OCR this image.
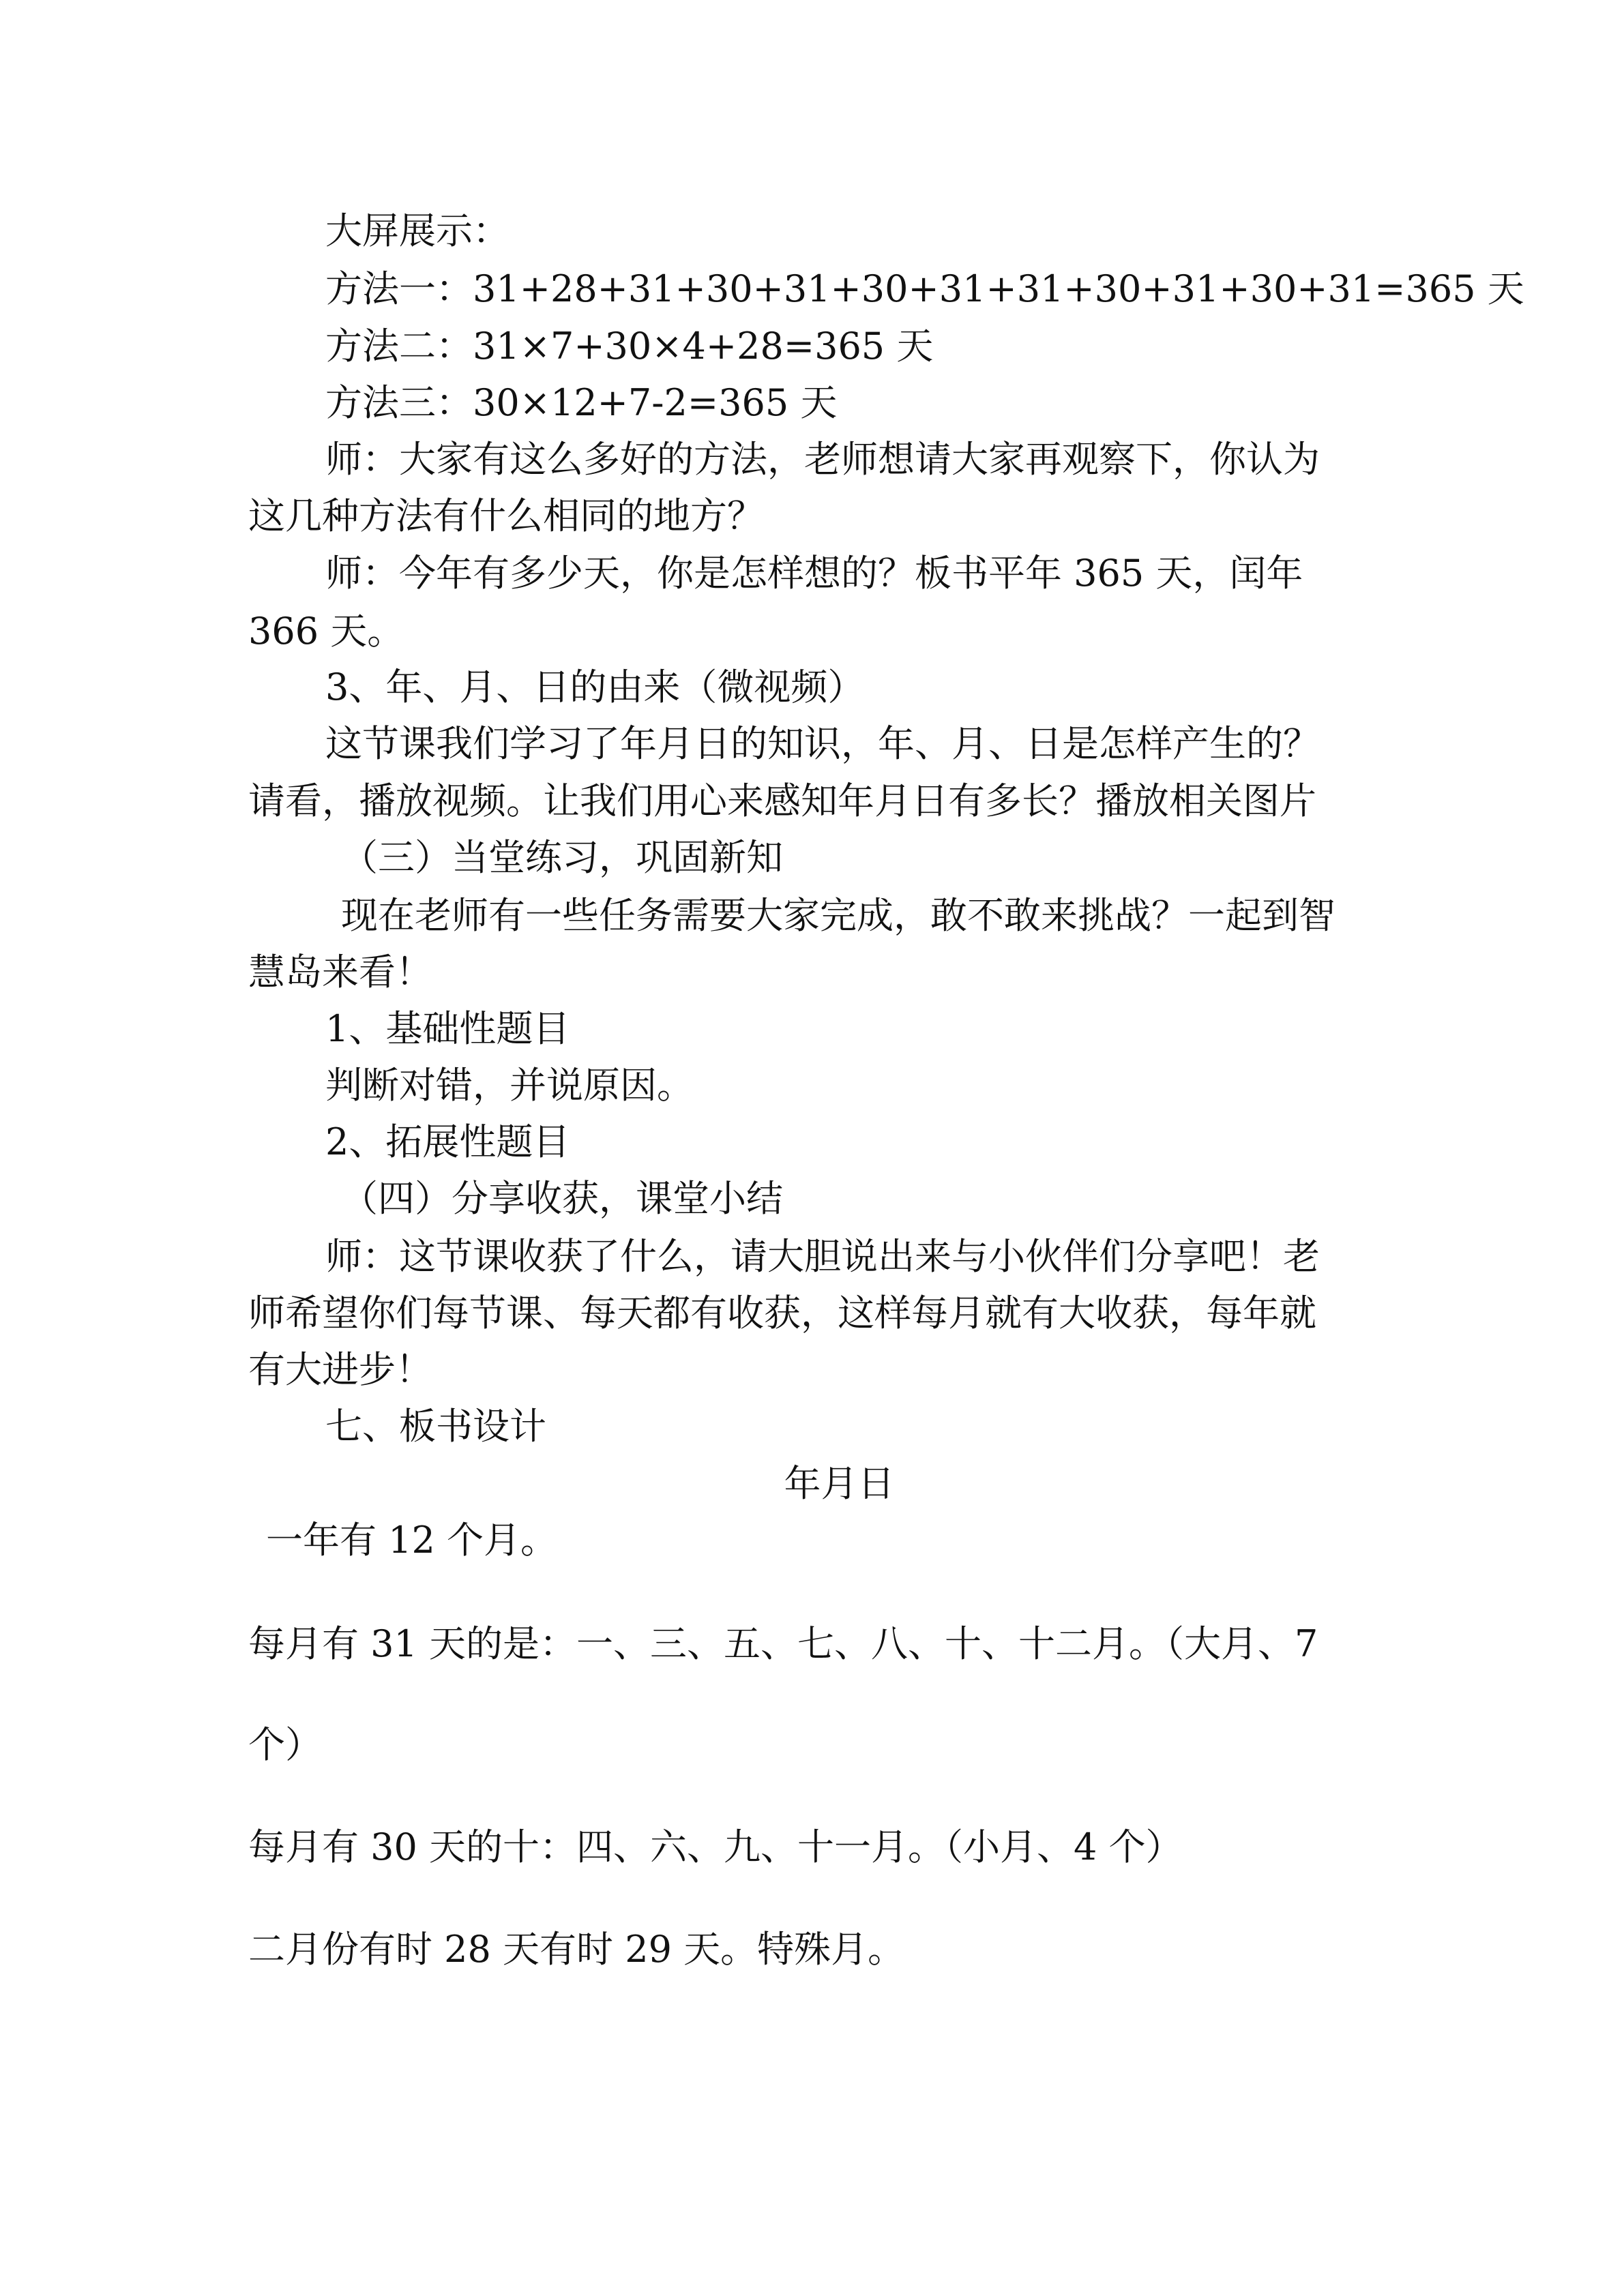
大屏展示：
方法一：31+28+31+30+31+30+31+31+30+31+30+31=365 天
方法二：31×7+30×4+28=365 天
方法三：30×12+7-2=365 天
师：大家有这么多好的方法，老师想请大家再观察下，你认为
这几种方法有什么相同的地方？
师：今年有多少天，你是怎样想的？板书平年 365 天，闰年
366 天。
3、年、月、日的由来（微视频）
这节课我们学习了年月日的知识，年、月、日是怎样产生的？
请看，播放视频。让我们用心来感知年月日有多长？播放相关图片
（三）当堂练习，巩固新知
现在老师有一些任务需要大家完成，敢不敢来挑战？一起到智
慧岛来看！
1、基础性题目
判断对错，并说原因。
2、拓展性题目
（四）分享收获，课堂小结
师：这节课收获了什么，请大胆说出来与小伙伴们分享吧！老
师希望你们每节课、每天都有收获，这样每月就有大收获，每年就
有大进步！
七、板书设计
年月日
一年有 12 个月。
每月有 31 天的是：一、三、五、七、八、十、十二月。（大月、7
个）
每月有 30 天的十：四、六、九、十一月。（小月、4 个）
二月份有时 28 天有时 29 天。特殊月。
